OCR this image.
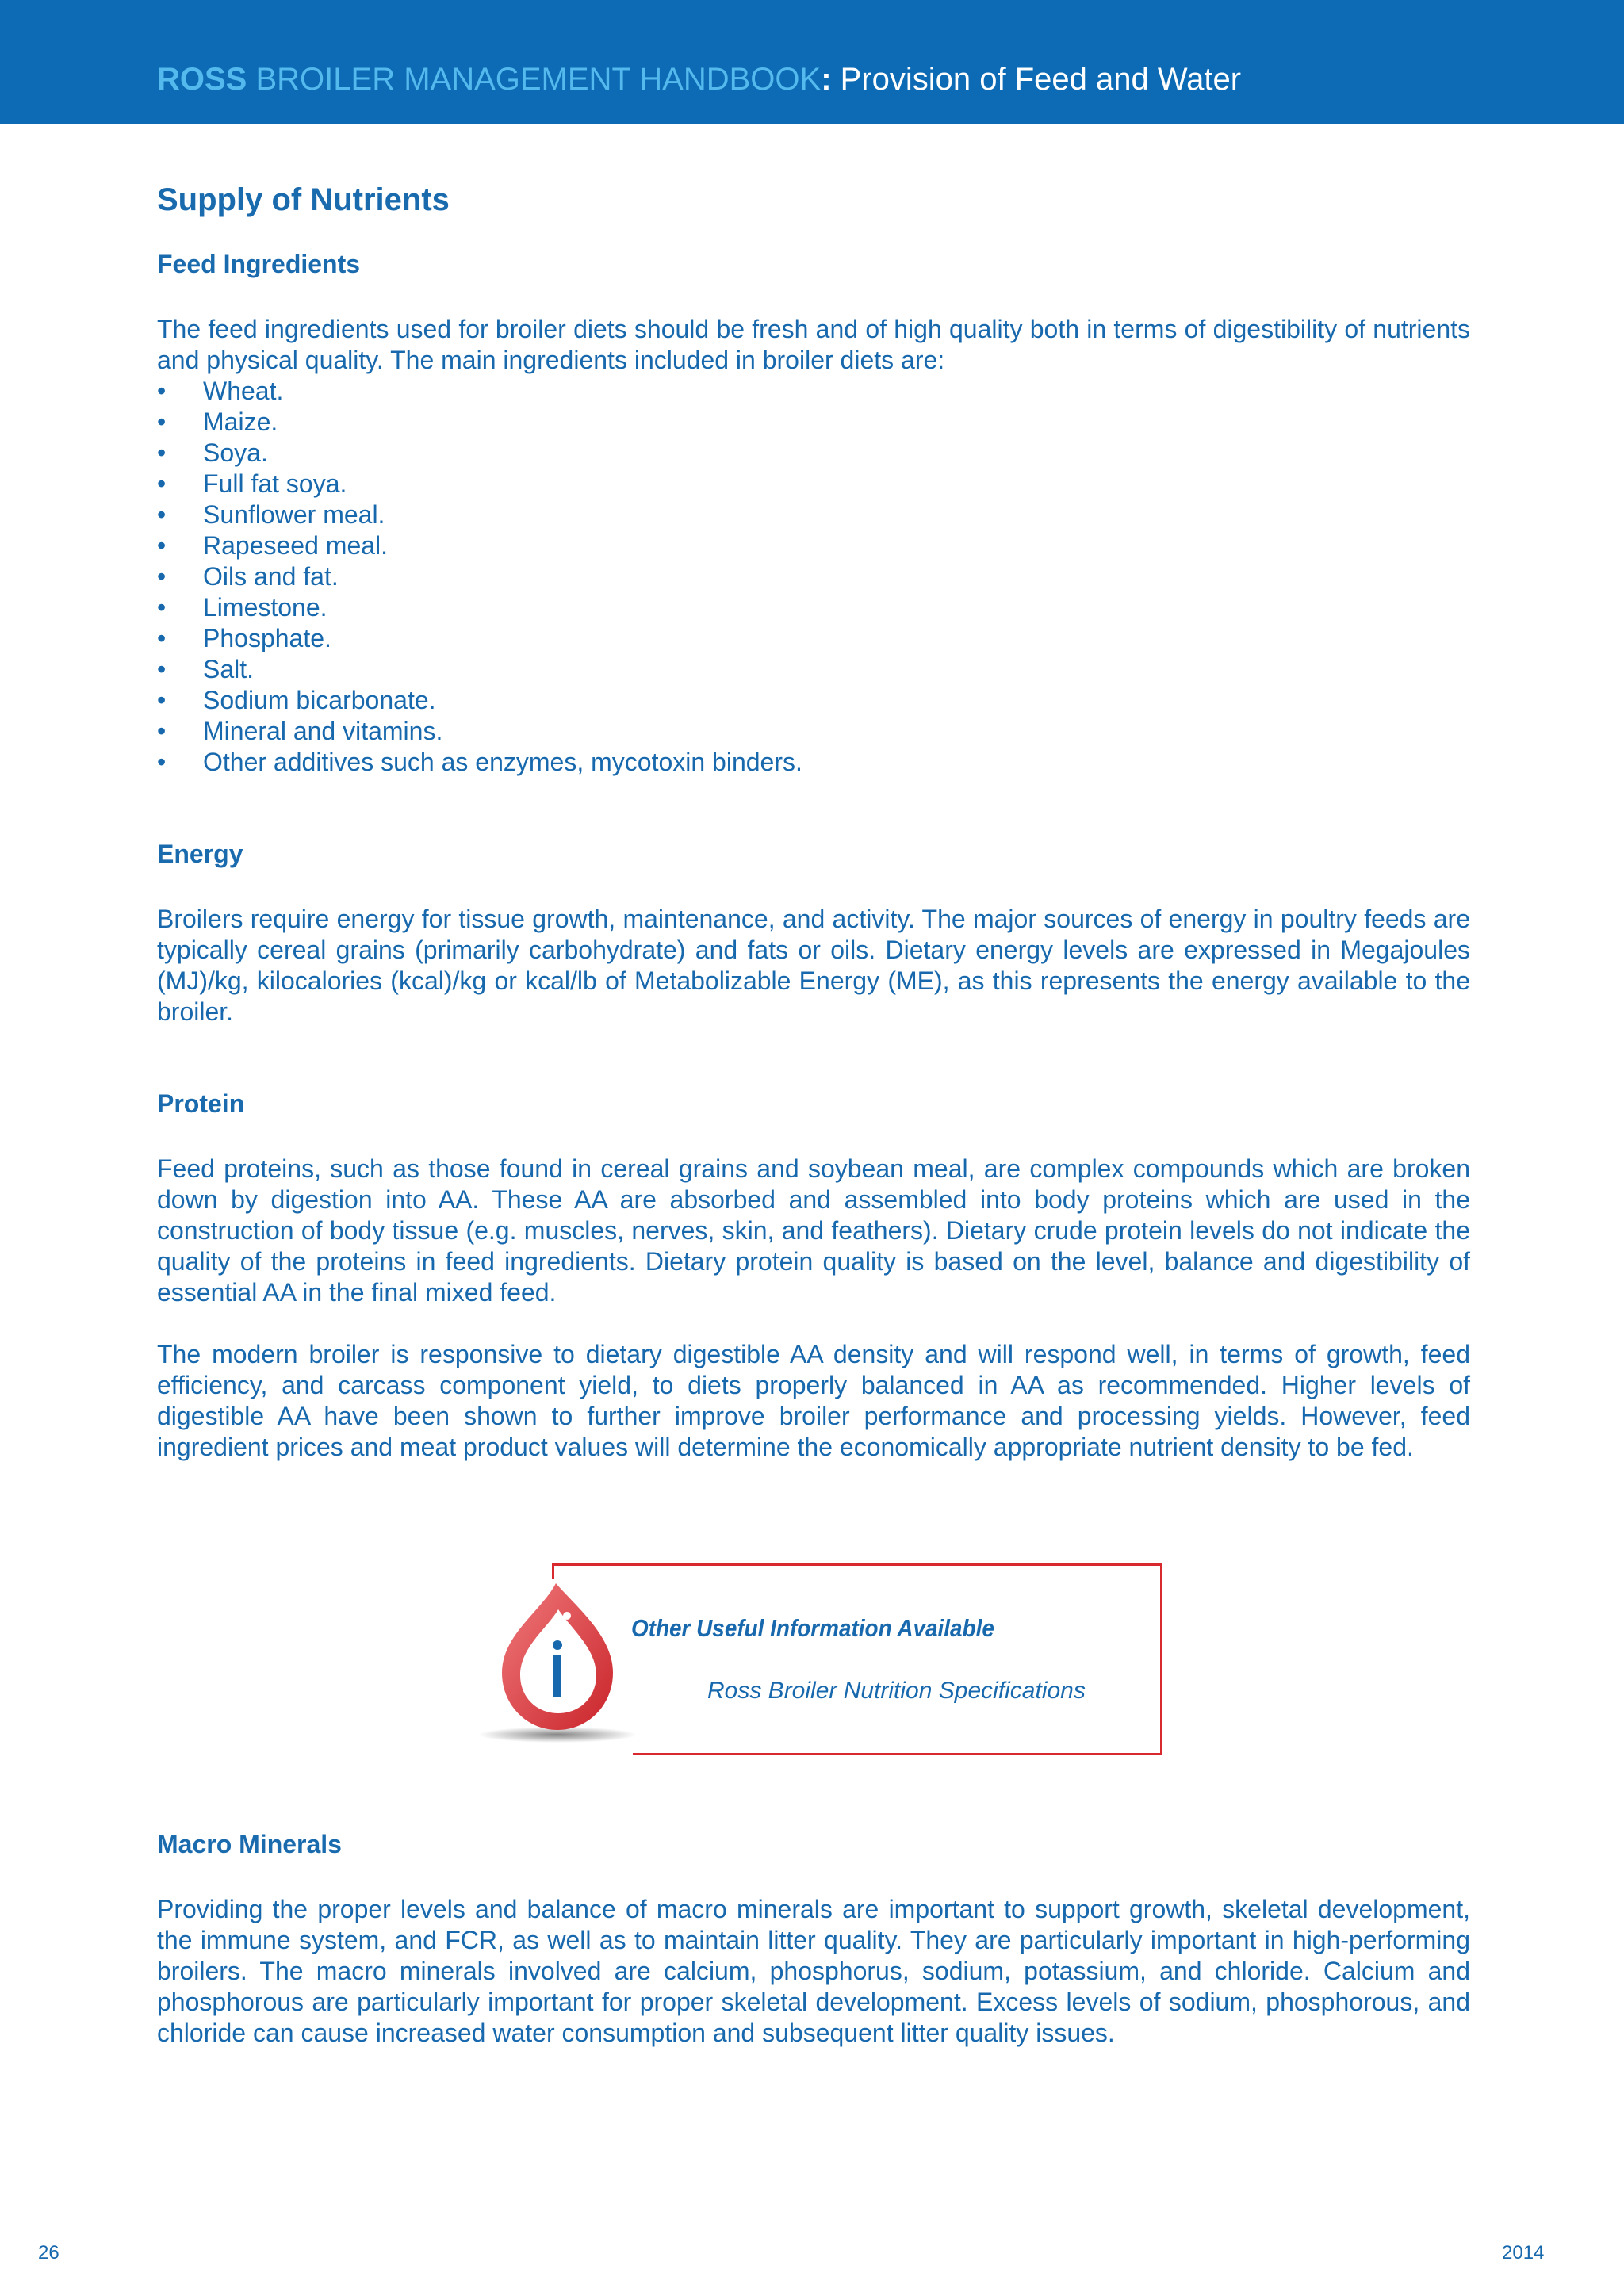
ROSS BROILER MANAGEMENT HANDBOOK: Provision of Feed and Water
Supply of Nutrients
Feed Ingredients

The feed ingredients used for broiler diets should be fresh and of high quality both in terms of digestibility of nutrients and physical quality. The main ingredients included in broiler diets are:

• Wheat.
• Maize.
• Soya.
• Full fat soya.
• Sunflower meal.
• Rapeseed meal.
• Oils and fat.
• Limestone.
• Phosphate.
• Salt.
• Sodium bicarbonate.
• Mineral and vitamins.
• Other additives such as enzymes, mycotoxin binders.
Energy

Broilers require energy for tissue growth, maintenance, and activity. The major sources of energy in poultry feeds are typically cereal grains (primarily carbohydrate) and fats or oils. Dietary energy levels are expressed in Megajoules (MJ)/kg, kilocalories (kcal)/kg or kcal/lb of Metabolizable Energy (ME), as this represents the energy available to the broiler.

Protein

Feed proteins, such as those found in cereal grains and soybean meal, are complex compounds which are broken down by digestion into AA. These AA are absorbed and assembled into body proteins which are used in the construction of body tissue (e.g. muscles, nerves, skin, and feathers). Dietary crude protein levels do not indicate the quality of the proteins in feed ingredients. Dietary protein quality is based on the level, balance and digestibility of essential AA in the final mixed feed.

The modern broiler is responsive to dietary digestible AA density and will respond well, in terms of growth, feed efficiency, and carcass component yield, to diets properly balanced in AA as recommended. Higher levels of digestible AA have been shown to further improve broiler performance and processing yields. However, feed ingredient prices and meat product values will determine the economically appropriate nutrient density to be fed.

Other Useful Information Available
Ross Broiler Nutrition Specifications
Macro Minerals

Providing the proper levels and balance of macro minerals are important to support growth, skeletal development, the immune system, and FCR, as well as to maintain litter quality. They are particularly important in high-performing broilers. The macro minerals involved are calcium, phosphorus, sodium, potassium, and chloride. Calcium and phosphorous are particularly important for proper skeletal development. Excess levels of sodium, phosphorous, and chloride can cause increased water consumption and subsequent litter quality issues.

26	2014
